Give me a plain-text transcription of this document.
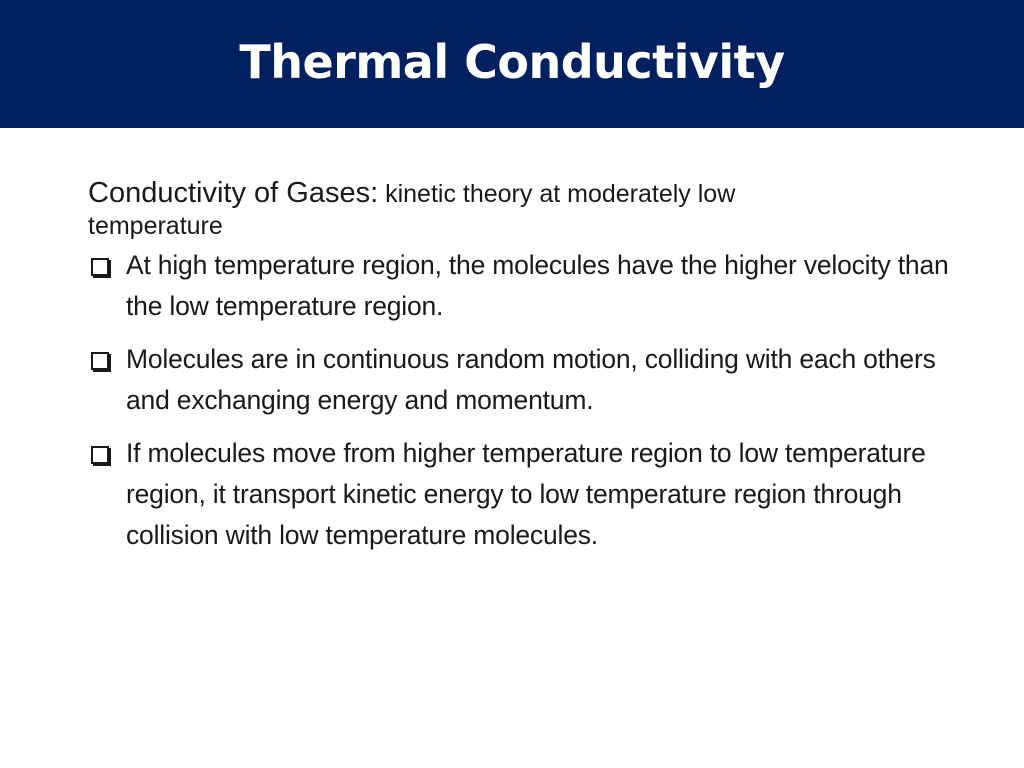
Thermal Conductivity
Conductivity of Gases: kinetic theory at moderately low
temperature
At high temperature region, the molecules have the higher velocity than the low temperature region.
Molecules are in continuous random motion, colliding with each others and exchanging energy and momentum.
If molecules move from higher temperature region to low temperature region, it transport kinetic energy to low temperature region through collision with low temperature molecules.
